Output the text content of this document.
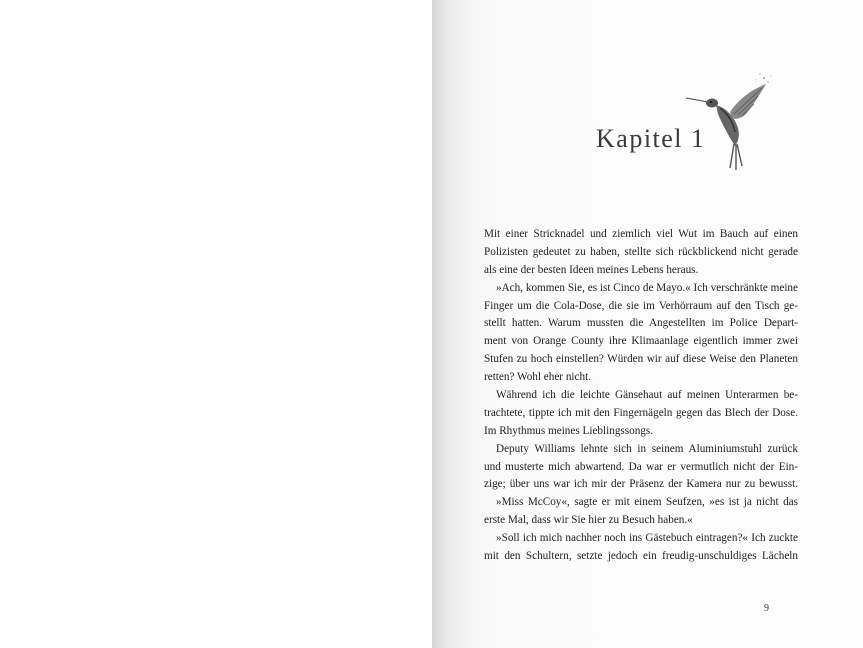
Kapitel 1
Mit einer Stricknadel und ziemlich viel Wut im Bauch auf einen
Polizisten gedeutet zu haben, stellte sich rückblickend nicht gerade
als eine der besten Ideen meines Lebens heraus.
»Ach, kommen Sie, es ist Cinco de Mayo.« Ich verschränkte meine
Finger um die Cola-Dose, die sie im Verhörraum auf den Tisch ge-
stellt hatten. Warum mussten die Angestellten im Police Depart-
ment von Orange County ihre Klimaanlage eigentlich immer zwei
Stufen zu hoch einstellen? Würden wir auf diese Weise den Planeten
retten? Wohl eher nicht.
Während ich die leichte Gänsehaut auf meinen Unterarmen be-
trachtete, tippte ich mit den Fingernägeln gegen das Blech der Dose.
Im Rhythmus meines Lieblingssongs.
Deputy Williams lehnte sich in seinem Aluminiumstuhl zurück
und musterte mich abwartend. Da war er vermutlich nicht der Ein-
zige; über uns war ich mir der Präsenz der Kamera nur zu bewusst.
»Miss McCoy«, sagte er mit einem Seufzen, »es ist ja nicht das
erste Mal, dass wir Sie hier zu Besuch haben.«
»Soll ich mich nachher noch ins Gästebuch eintragen?« Ich zuckte
mit den Schultern, setzte jedoch ein freudig-unschuldiges Lächeln
9
